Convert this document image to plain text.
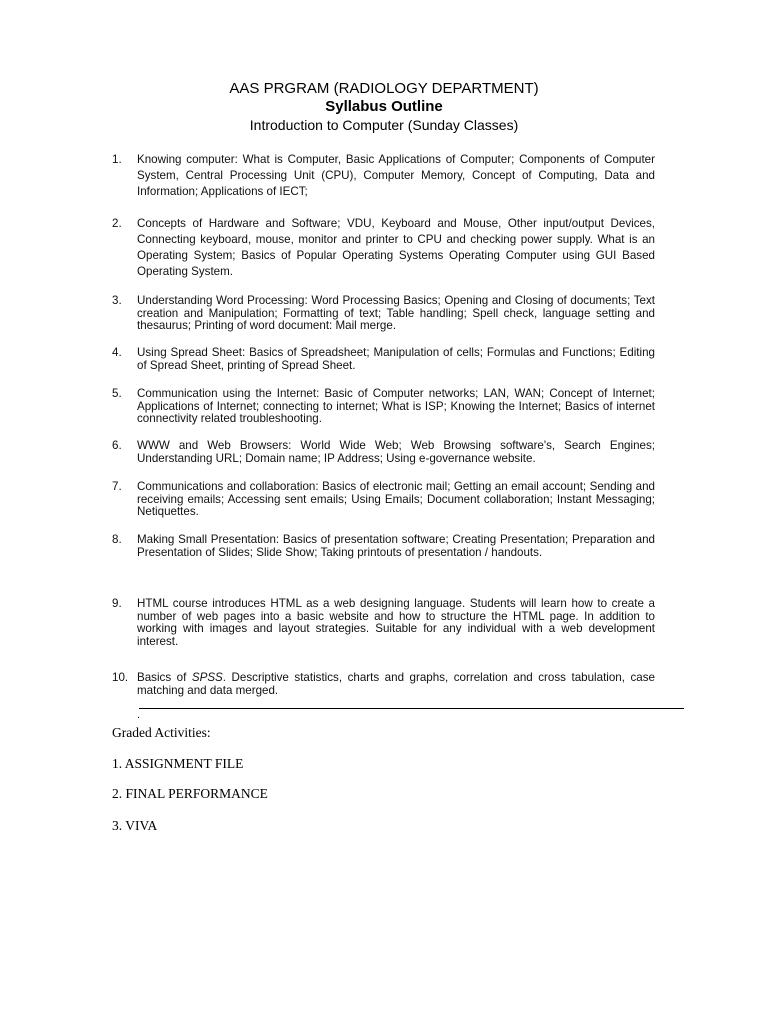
AAS PRGRAM (RADIOLOGY DEPARTMENT)

Syllabus Outline

Introduction to Computer (Sunday Classes)

1. Knowing computer: What is Computer, Basic Applications of Computer; Components of Computer System, Central Processing Unit (CPU), Computer Memory, Concept of Computing, Data and Information; Applications of IECT;
2. Concepts of Hardware and Software; VDU, Keyboard and Mouse, Other input/output Devices, Connecting keyboard, mouse, monitor and printer to CPU and checking power supply. What is an Operating System; Basics of Popular Operating Systems Operating Computer using GUI Based Operating System.
3. Understanding Word Processing: Word Processing Basics; Opening and Closing of documents; Text creation and Manipulation; Formatting of text; Table handling; Spell check, language setting and thesaurus; Printing of word document: Mail merge.
4. Using Spread Sheet: Basics of Spreadsheet; Manipulation of cells; Formulas and Functions; Editing of Spread Sheet, printing of Spread Sheet.
5. Communication using the Internet: Basic of Computer networks; LAN, WAN; Concept of Internet; Applications of Internet; connecting to internet; What is ISP; Knowing the Internet; Basics of internet connectivity related troubleshooting.
6. WWW and Web Browsers: World Wide Web; Web Browsing software's, Search Engines; Understanding URL; Domain name; IP Address; Using e-governance website.
7. Communications and collaboration: Basics of electronic mail; Getting an email account; Sending and receiving emails; Accessing sent emails; Using Emails; Document collaboration; Instant Messaging; Netiquettes.
8. Making Small Presentation: Basics of presentation software; Creating Presentation; Preparation and Presentation of Slides; Slide Show; Taking printouts of presentation / handouts.
9. HTML course introduces HTML as a web designing language. Students will learn how to create a number of web pages into a basic website and how to structure the HTML page. In addition to working with images and layout strategies. Suitable for any individual with a web development interest.
10. Basics of SPSS. Descriptive statistics, charts and graphs, correlation and cross tabulation, case matching and data merged.
.
Graded Activities:
1. ASSIGNMENT FILE
2. FINAL PERFORMANCE
3. VIVA
